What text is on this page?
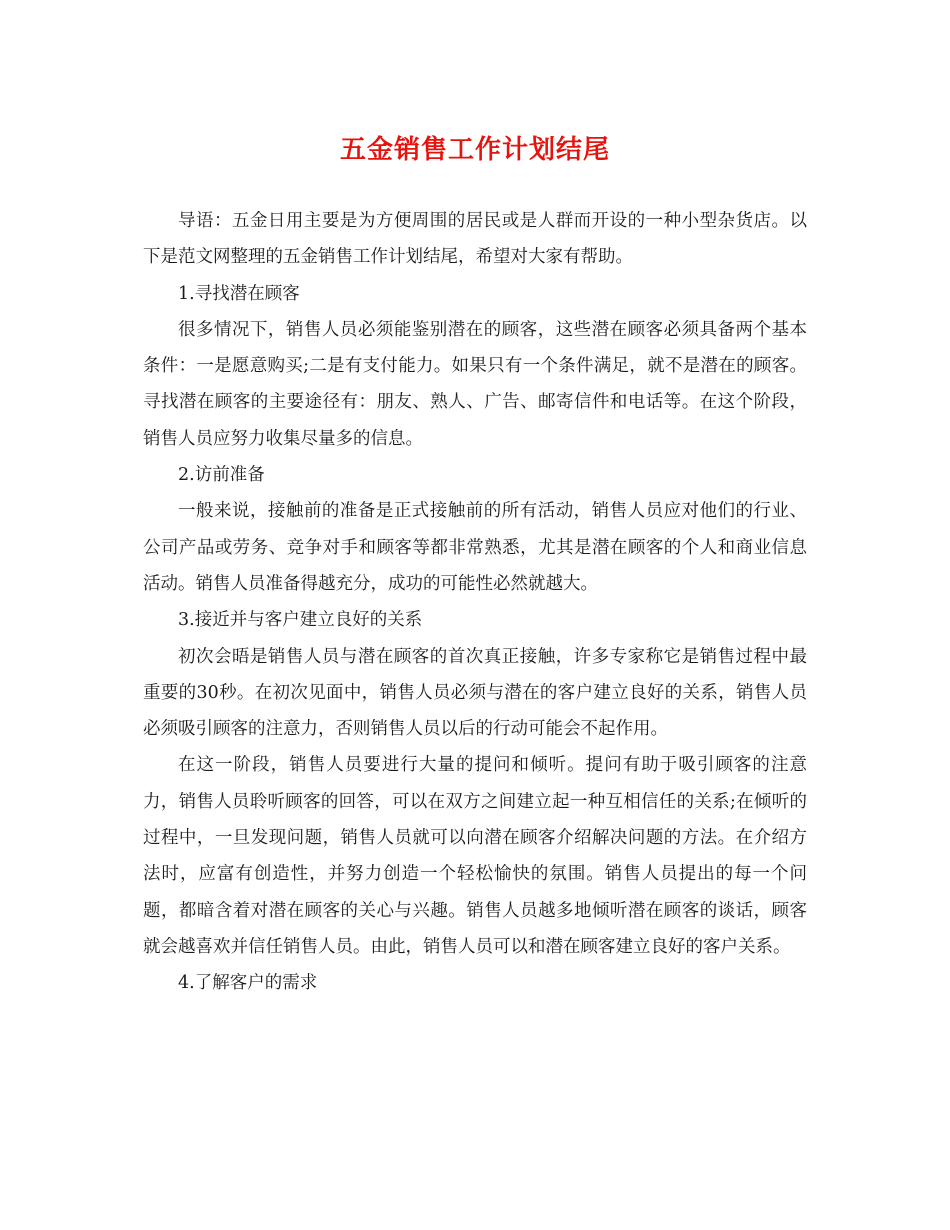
五金销售工作计划结尾

导语：五金日用主要是为方便周围的居民或是人群而开设的一种小型杂货店。以下是范文网整理的五金销售工作计划结尾，希望对大家有帮助。

1.寻找潜在顾客

很多情况下，销售人员必须能鉴别潜在的顾客，这些潜在顾客必须具备两个基本条件：一是愿意购买;二是有支付能力。如果只有一个条件满足，就不是潜在的顾客。寻找潜在顾客的主要途径有：朋友、熟人、广告、邮寄信件和电话等。在这个阶段，销售人员应努力收集尽量多的信息。

2.访前准备

一般来说，接触前的准备是正式接触前的所有活动，销售人员应对他们的行业、公司产品或劳务、竞争对手和顾客等都非常熟悉，尤其是潜在顾客的个人和商业信息活动。销售人员准备得越充分，成功的可能性必然就越大。

3.接近并与客户建立良好的关系

初次会晤是销售人员与潜在顾客的首次真正接触，许多专家称它是销售过程中最重要的30秒。在初次见面中，销售人员必须与潜在的客户建立良好的关系，销售人员必须吸引顾客的注意力，否则销售人员以后的行动可能会不起作用。

在这一阶段，销售人员要进行大量的提问和倾听。提问有助于吸引顾客的注意力，销售人员聆听顾客的回答，可以在双方之间建立起一种互相信任的关系;在倾听的过程中，一旦发现问题，销售人员就可以向潜在顾客介绍解决问题的方法。在介绍方法时，应富有创造性，并努力创造一个轻松愉快的氛围。销售人员提出的每一个问题，都暗含着对潜在顾客的关心与兴趣。销售人员越多地倾听潜在顾客的谈话，顾客就会越喜欢并信任销售人员。由此，销售人员可以和潜在顾客建立良好的客户关系。

4.了解客户的需求
